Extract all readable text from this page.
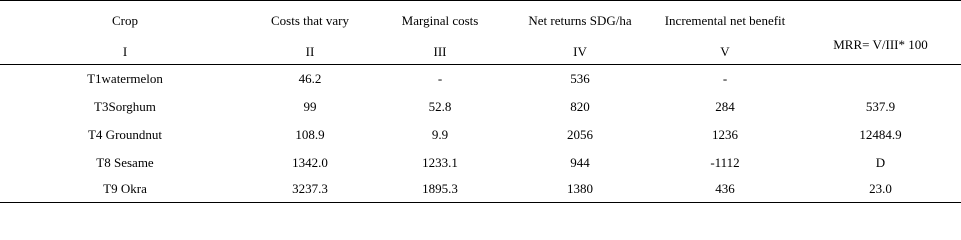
Crop	Costs that vary	Marginal costs	Net returns SDG/ha	Incremental net benefit	MRR= V/III* 100
I	II	III	IV	V	
T1watermelon	46.2	-	536	-	
T3Sorghum	99	52.8	820	284	537.9
T4 Groundnut	108.9	9.9	2056	1236	12484.9
T8 Sesame	1342.0	1233.1	944	-1112	D
T9 Okra	3237.3	1895.3	1380	436	23.0
